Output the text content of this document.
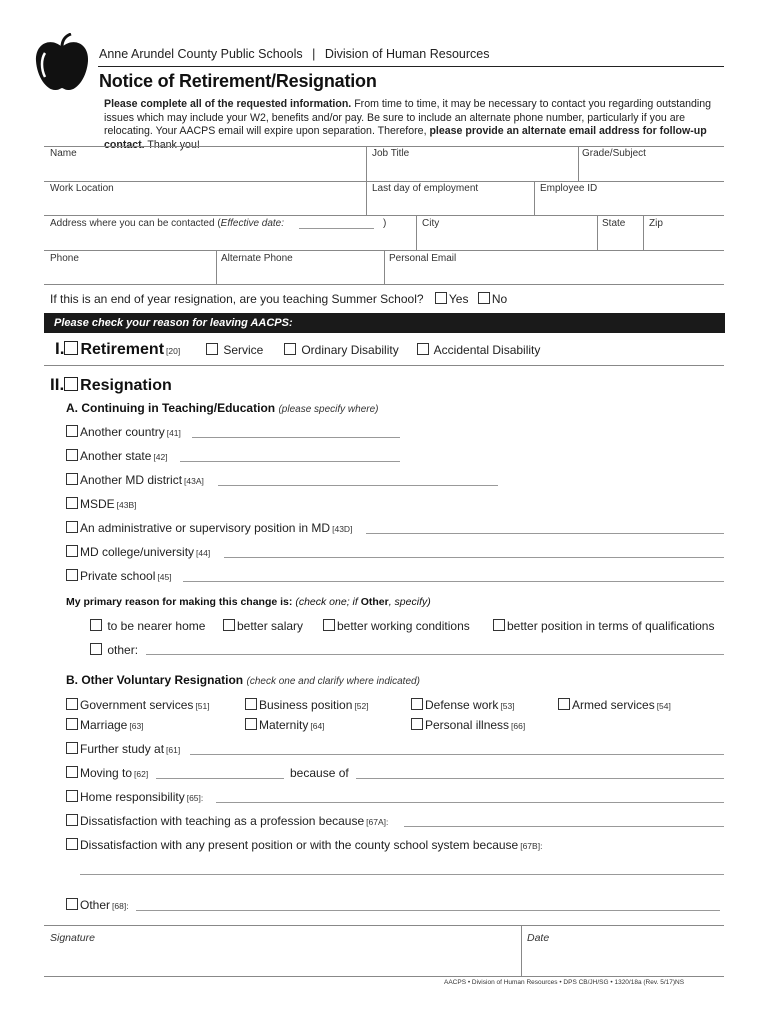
Anne Arundel County Public Schools | Division of Human Resources
Notice of Retirement/Resignation
Please complete all of the requested information. From time to time, it may be necessary to contact you regarding outstanding issues which may include your W2, benefits and/or pay. Be sure to include an alternate phone number, particularly if you are relocating. Your AACPS email will expire upon separation. Therefore, please provide an alternate email address for follow-up contact. Thank you!
Name	Job Title	Grade/Subject
Work Location	Last day of employment	Employee ID
Address where you can be contacted (Effective date:	)	City	State Zip
Phone	Alternate Phone	Personal Email
If this is an end of year resignation, are you teaching Summer School? Yes No
Please check your reason for leaving AACPS:
I. Retirement [20]	Service	Ordinary Disability	Accidental Disability
II. Resignation
A. Continuing in Teaching/Education (please specify where)
Another country [41]
Another state [42]
Another MD district [43A]
MSDE [43B]
An administrative or supervisory position in MD [43D]
MD college/university [44]
Private school [45]
My primary reason for making this change is: (check one; if Other, specify)
to be nearer home	better salary	better working conditions	better position in terms of qualifications
other:
B. Other Voluntary Resignation (check one and clarify where indicated)
Government services [51]	Business position [52]	Defense work [53]	Armed services [54]
Marriage [63]	Maternity [64]	Personal illness [66]
Further study at [61]
Moving to [62]	because of
Home responsibility [65]:
Dissatisfaction with teaching as a profession because [67A]:
Dissatisfaction with any present position or with the county school system because [67B]:
Other [68]:
Signature	Date
AACPS • Division of Human Resources • DPS CB/JH/SG • 1320/18a (Rev. 5/17)NS
